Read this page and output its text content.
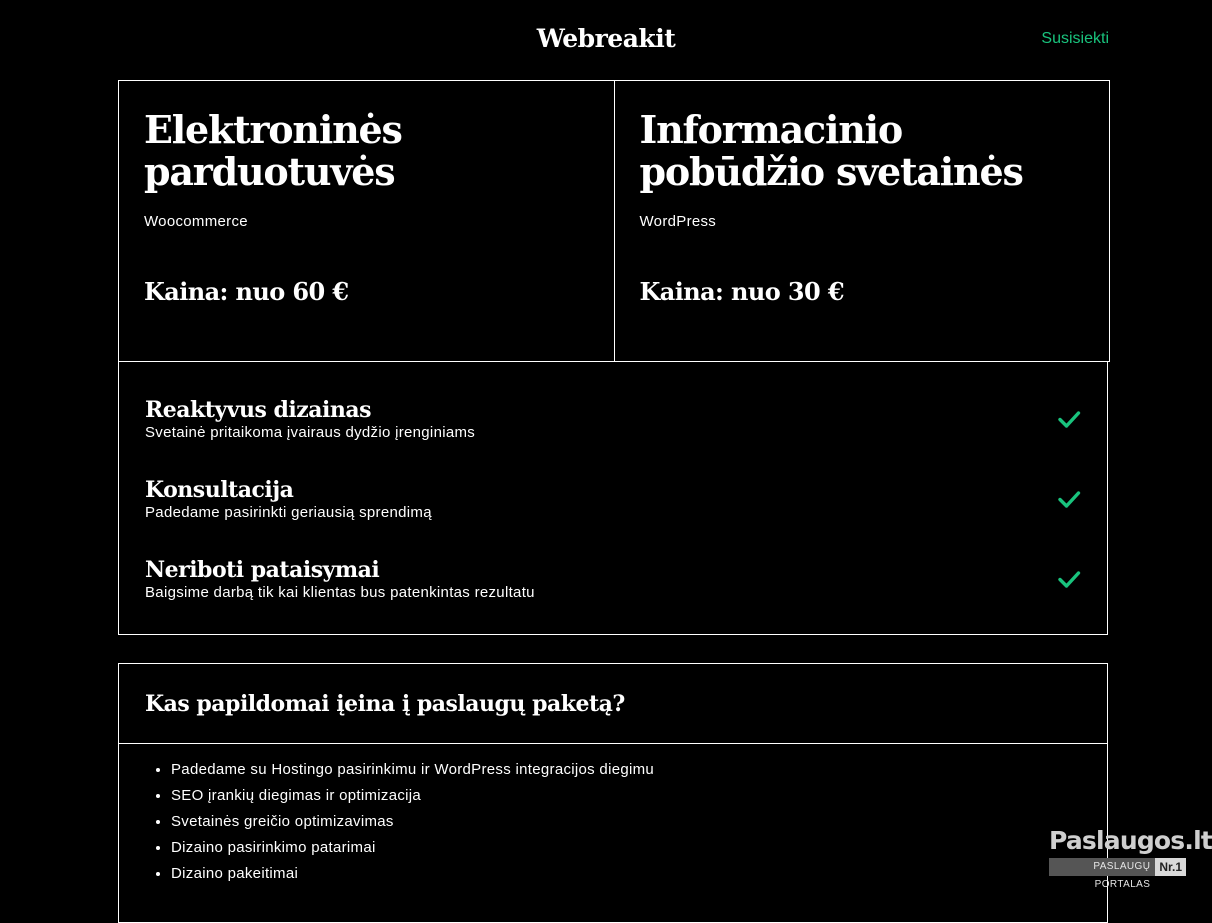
Webreakit	Susisiekti
Elektroninės parduotuvės
Woocommerce
Kaina: nuo 60 €
Informacinio pobūdžio svetainės
WordPress
Kaina: nuo 30 €
Reaktyvus dizainas
Svetainė pritaikoma įvairaus dydžio įrenginiams
Konsultacija
Padedame pasirinkti geriausią sprendimą
Neriboti pataisymai
Baigsime darbą tik kai klientas bus patenkintas rezultatu
Kas papildomai įeina į paslaugų paketą?
• Padedame su Hostingo pasirinkimu ir WordPress integracijos diegimu
• SEO įrankių diegimas ir optimizacija
• Svetainės greičio optimizavimas
• Dizaino pasirinkimo patarimai
• Dizaino pakeitimai
Paslaugos.lt
PASLAUGŲ PORTALAS
Nr.1
